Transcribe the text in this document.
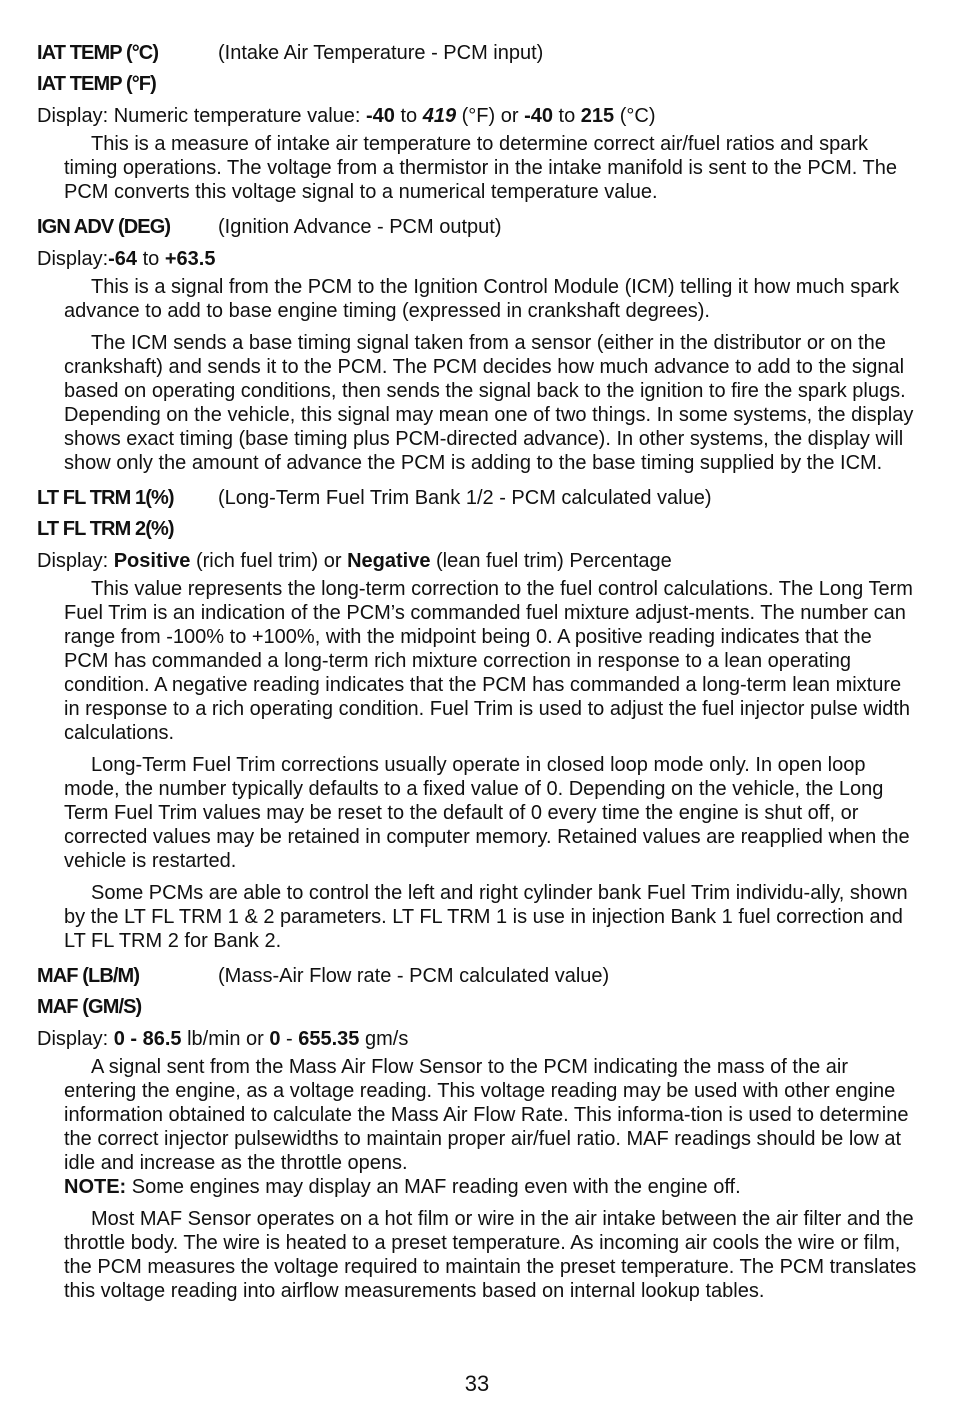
IAT TEMP (°C)	(Intake Air Temperature - PCM input)
IAT TEMP (°F)
Display: Numeric temperature value: -40 to 419 (°F) or -40 to 215 (°C)

This is a measure of intake air temperature to determine correct air/fuel ratios and spark timing operations. The voltage from a thermistor in the intake manifold is sent to the PCM. The PCM converts this voltage signal to a numerical temperature value.

IGN ADV (DEG)	(Ignition Advance - PCM output)
Display:-64 to +63.5

This is a signal from the PCM to the Ignition Control Module (ICM) telling it how much spark advance to add to base engine timing (expressed in crankshaft degrees).

The ICM sends a base timing signal taken from a sensor (either in the distributor or on the crankshaft) and sends it to the PCM. The PCM decides how much advance to add to the signal based on operating conditions, then sends the signal back to the ignition to fire the spark plugs. Depending on the vehicle, this signal may mean one of two things. In some systems, the display shows exact timing (base timing plus PCM-directed advance). In other systems, the display will show only the amount of advance the PCM is adding to the base timing supplied by the ICM.

LT FL TRM 1(%)	(Long-Term Fuel Trim Bank 1/2 - PCM calculated value)
LT FL TRM 2(%)
Display: Positive (rich fuel trim) or Negative (lean fuel trim) Percentage

This value represents the long-term correction to the fuel control calculations. The Long Term Fuel Trim is an indication of the PCM’s commanded fuel mixture adjust-ments. The number can range from -100% to +100%, with the midpoint being 0. A positive reading indicates that the PCM has commanded a long-term rich mixture correction in response to a lean operating condition. A negative reading indicates that the PCM has commanded a long-term lean mixture in response to a rich operating condition. Fuel Trim is used to adjust the fuel injector pulse width calculations.

Long-Term Fuel Trim corrections usually operate in closed loop mode only. In open loop mode, the number typically defaults to a fixed value of 0. Depending on the vehicle, the Long Term Fuel Trim values may be reset to the default of 0 every time the engine is shut off, or corrected values may be retained in computer memory. Retained values are reapplied when the vehicle is restarted.

Some PCMs are able to control the left and right cylinder bank Fuel Trim individu-ally, shown by the LT FL TRM 1 & 2 parameters. LT FL TRM 1 is use in injection Bank 1 fuel correction and LT FL TRM 2 for Bank 2.

MAF (LB/M)	(Mass-Air Flow rate - PCM calculated value)
MAF (GM/S)
Display: 0 - 86.5 lb/min or 0 - 655.35 gm/s

A signal sent from the Mass Air Flow Sensor to the PCM indicating the mass of the air entering the engine, as a voltage reading. This voltage reading may be used with other engine information obtained to calculate the Mass Air Flow Rate. This informa-tion is used to determine the correct injector pulsewidths to maintain proper air/fuel ratio. MAF readings should be low at idle and increase as the throttle opens.

NOTE: Some engines may display an MAF reading even with the engine off.

Most MAF Sensor operates on a hot film or wire in the air intake between the air filter and the throttle body. The wire is heated to a preset temperature. As incoming air cools the wire or film, the PCM measures the voltage required to maintain the preset temperature. The PCM translates this voltage reading into airflow measurements based on internal lookup tables.

33
